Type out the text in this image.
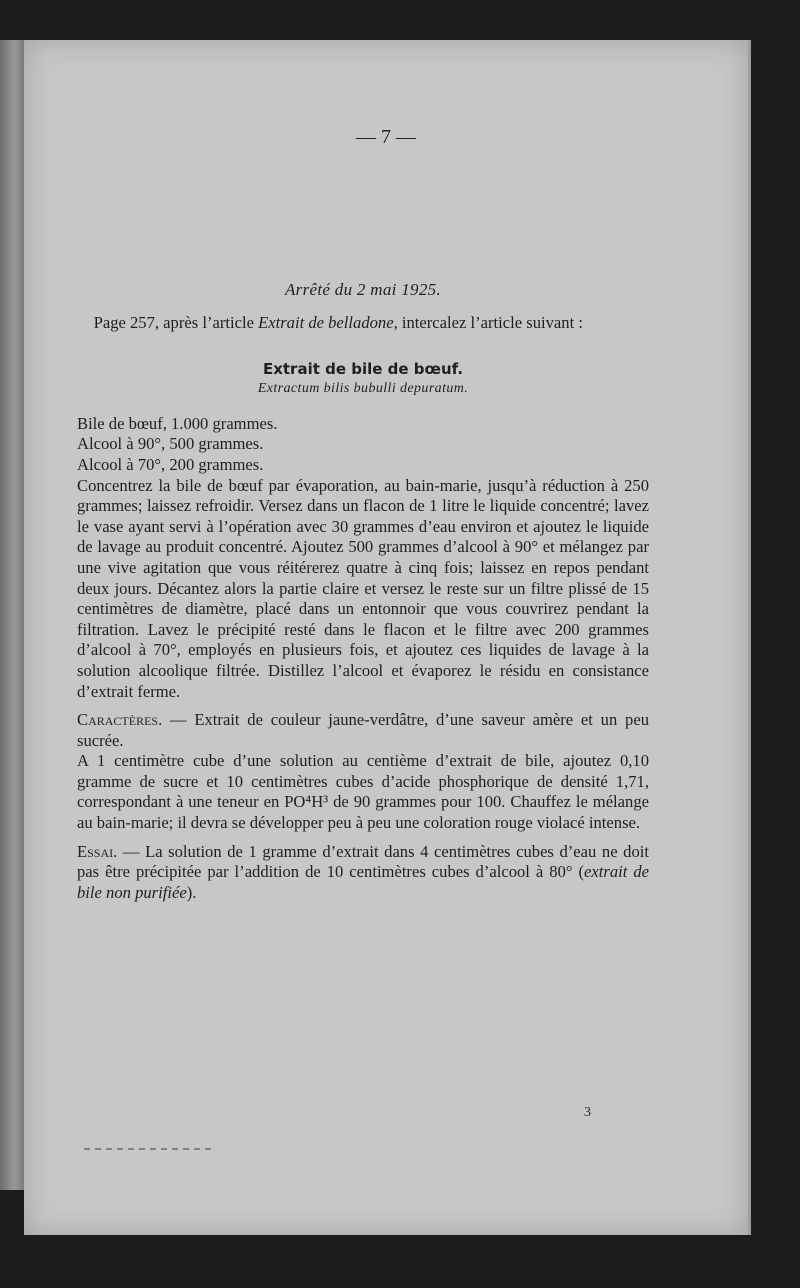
— 7 —

Arrêté du 2 mai 1925.

Page 257, après l’article Extrait de belladone, intercalez l’article suivant :

Extrait de bile de bœuf.

Extractum bilis bubulli depuratum.

Bile de bœuf, 1.000 grammes.

Alcool à 90°, 500 grammes.

Alcool à 70°, 200 grammes.

Concentrez la bile de bœuf par évaporation, au bain-marie, jusqu’à réduction à 250 grammes; laissez refroidir. Versez dans un flacon de 1 litre le liquide concentré; lavez le vase ayant servi à l’opération avec 30 grammes d’eau environ et ajoutez le liquide de lavage au produit concentré. Ajoutez 500 grammes d’alcool à 90° et mélangez par une vive agitation que vous réitérerez quatre à cinq fois; laissez en repos pendant deux jours. Décantez alors la partie claire et versez le reste sur un filtre plissé de 15 centimètres de diamètre, placé dans un entonnoir que vous couvrirez pendant la filtration. Lavez le précipité resté dans le flacon et le filtre avec 200 grammes d’alcool à 70°, employés en plusieurs fois, et ajoutez ces liquides de lavage à la solution alcoolique filtrée. Distillez l’alcool et évaporez le résidu en consistance d’extrait ferme.

Caractères. — Extrait de couleur jaune-verdâtre, d’une saveur amère et un peu sucrée.

A 1 centimètre cube d’une solution au centième d’extrait de bile, ajoutez 0,10 gramme de sucre et 10 centimètres cubes d’acide phosphorique de densité 1,71, correspondant à une teneur en PO⁴H³ de 90 grammes pour 100. Chauffez le mélange au bain-marie; il devra se développer peu à peu une coloration rouge violacé intense.

Essai. — La solution de 1 gramme d’extrait dans 4 centimètres cubes d’eau ne doit pas être précipitée par l’addition de 10 centimètres cubes d’alcool à 80° (extrait de bile non purifiée).

3
